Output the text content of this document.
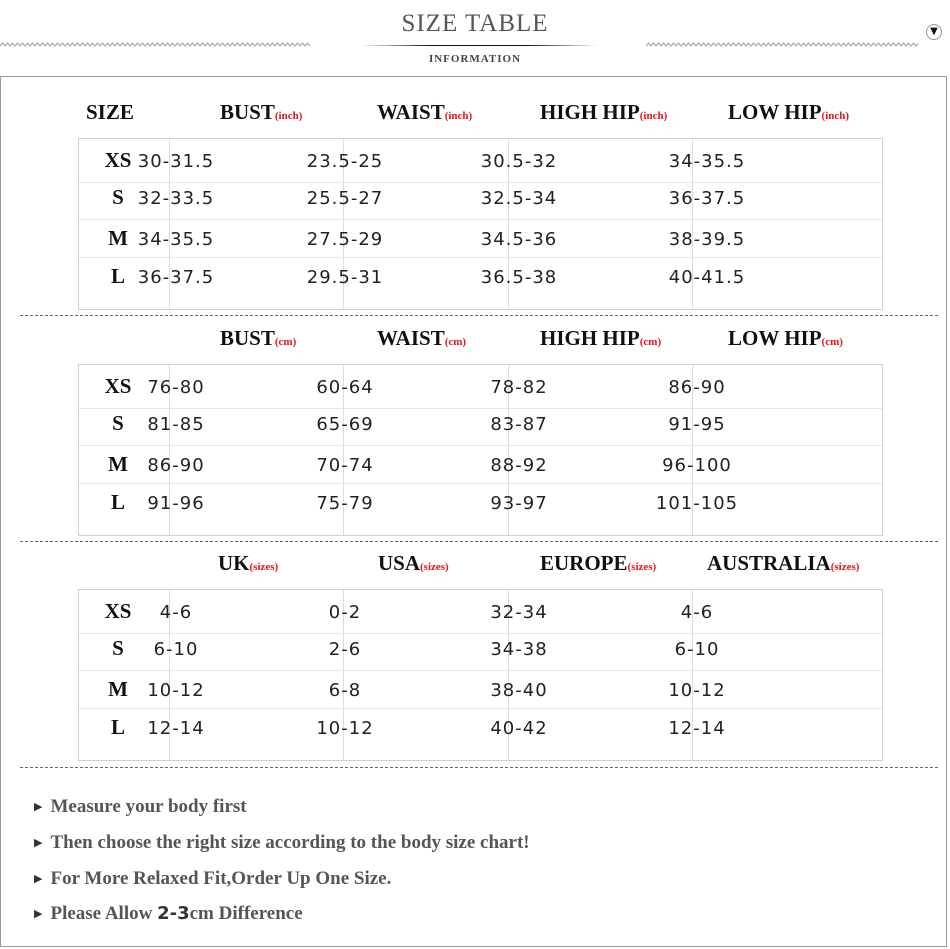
SIZE TABLE
INFORMATION
▼
SIZE	BUST(inch)	WAIST(inch)	HIGH HIP(inch)	LOW HIP(inch)
XS 30-31.5	23.5-25	30.5-32	34-35.5
S 32-33.5	25.5-27	32.5-34	36-37.5
M 34-35.5	27.5-29	34.5-36	38-39.5
L 36-37.5	29.5-31	36.5-38	40-41.5
BUST(cm)	WAIST(cm)	HIGH HIP(cm)	LOW HIP(cm)
XS 76-80	60-64	78-82	86-90
S	81-85	65-69	83-87	91-95
M	86-90	70-74	88-92	96-100
L	91-96	75-79	93-97	101-105
UK(sizes)	USA(sizes)	EUROPE(sizes) AUSTRALIA(sizes)
XS	4-6	0-2	32-34	4-6
S	6-10	2-6	34-38	6-10
M	10-12	6-8	38-40	10-12
L	12-14	10-12	40-42	12-14
▶ Measure your body first
▶ Then choose the right size according to the body size chart!
▶ For More Relaxed Fit,Order Up One Size.
▶ Please Allow 2-3cm Difference
